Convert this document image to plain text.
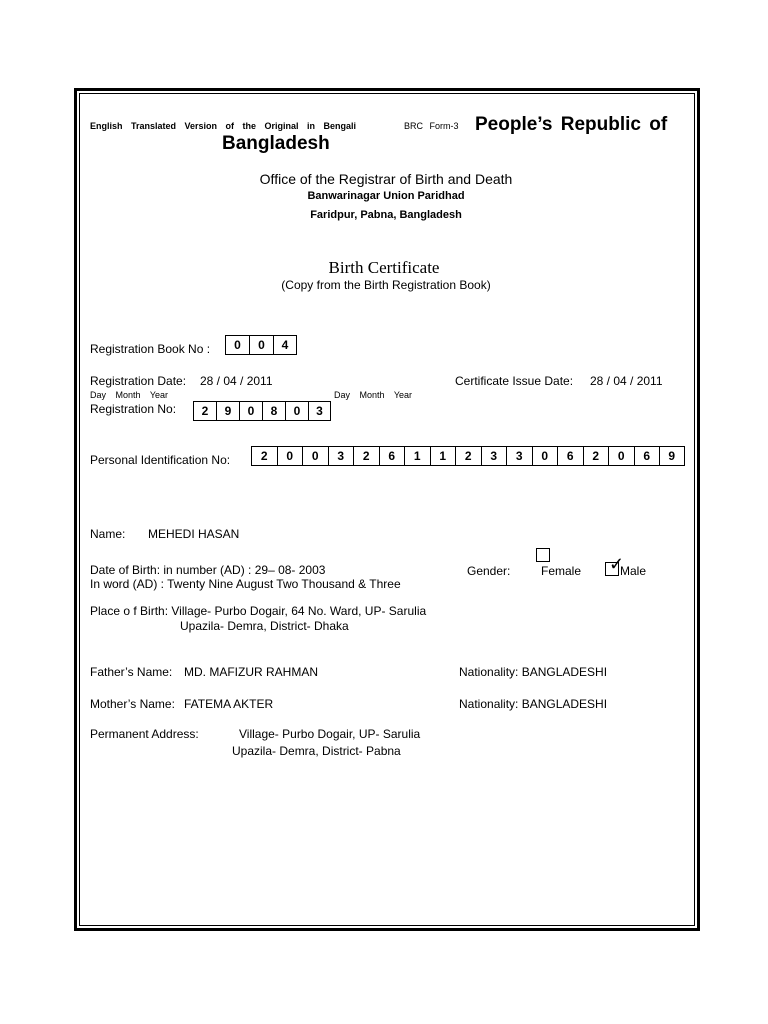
English Translated Version of the Original in Bengali	BRC Form-3 People’s Republic of
Bangladesh
Office of the Registrar of Birth and Death
Banwarinagar Union Paridhad
Faridpur, Pabna, Bangladesh
Birth Certificate
(Copy from the Birth Registration Book)
Registration Book No :	0	0	4
Registration Date: 28 / 04 / 2011
Day Month Year
Certificate Issue Date: 28 / 04 / 2011
Day Month Year
Registration No:	2	9	0	8	0	3
Personal Identification No:	2	0	0	3	2	6	1	1	2	3	3	0	6	2	0	6	9
Name: MEHEDI HASAN
Date of Birth: in number (AD) : 29– 08- 2003
In word (AD) : Twenty Nine August Two Thousand & Three
Gender:	Female ✓
Male
Place o f Birth: Village- Purbo Dogair, 64 No. Ward, UP- Sarulia
Upazila- Demra, District- Dhaka
Father’s Name: MD. MAFIZUR RAHMAN	Nationality: BANGLADESHI
Mother’s Name: FATEMA AKTER	Nationality: BANGLADESHI
Permanent Address:	Village- Purbo Dogair, UP- Sarulia
Upazila- Demra, District- Pabna
